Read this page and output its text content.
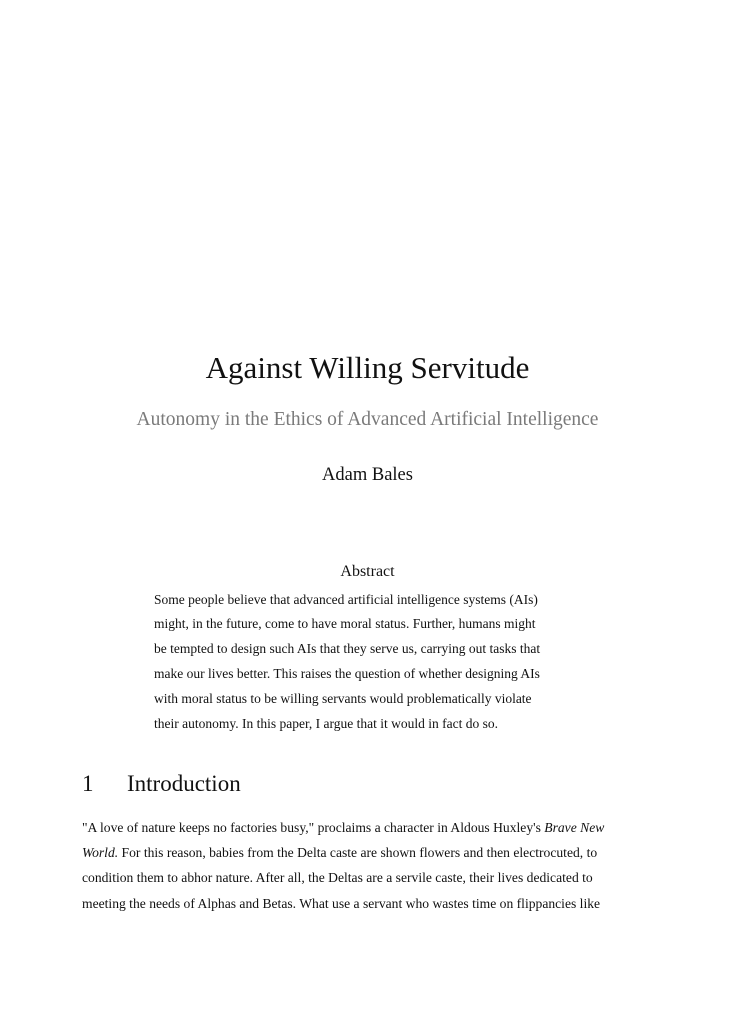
Against Willing Servitude
Autonomy in the Ethics of Advanced Artificial Intelligence
Adam Bales
Abstract
Some people believe that advanced artificial intelligence systems (AIs)
might, in the future, come to have moral status. Further, humans might
be tempted to design such AIs that they serve us, carrying out tasks that
make our lives better. This raises the question of whether designing AIs
with moral status to be willing servants would problematically violate
their autonomy. In this paper, I argue that it would in fact do so.
1 Introduction
"A love of nature keeps no factories busy," proclaims a character in Aldous Huxley's Brave New
World. For this reason, babies from the Delta caste are shown flowers and then electrocuted, to
condition them to abhor nature. After all, the Deltas are a servile caste, their lives dedicated to
meeting the needs of Alphas and Betas. What use a servant who wastes time on flippancies like
